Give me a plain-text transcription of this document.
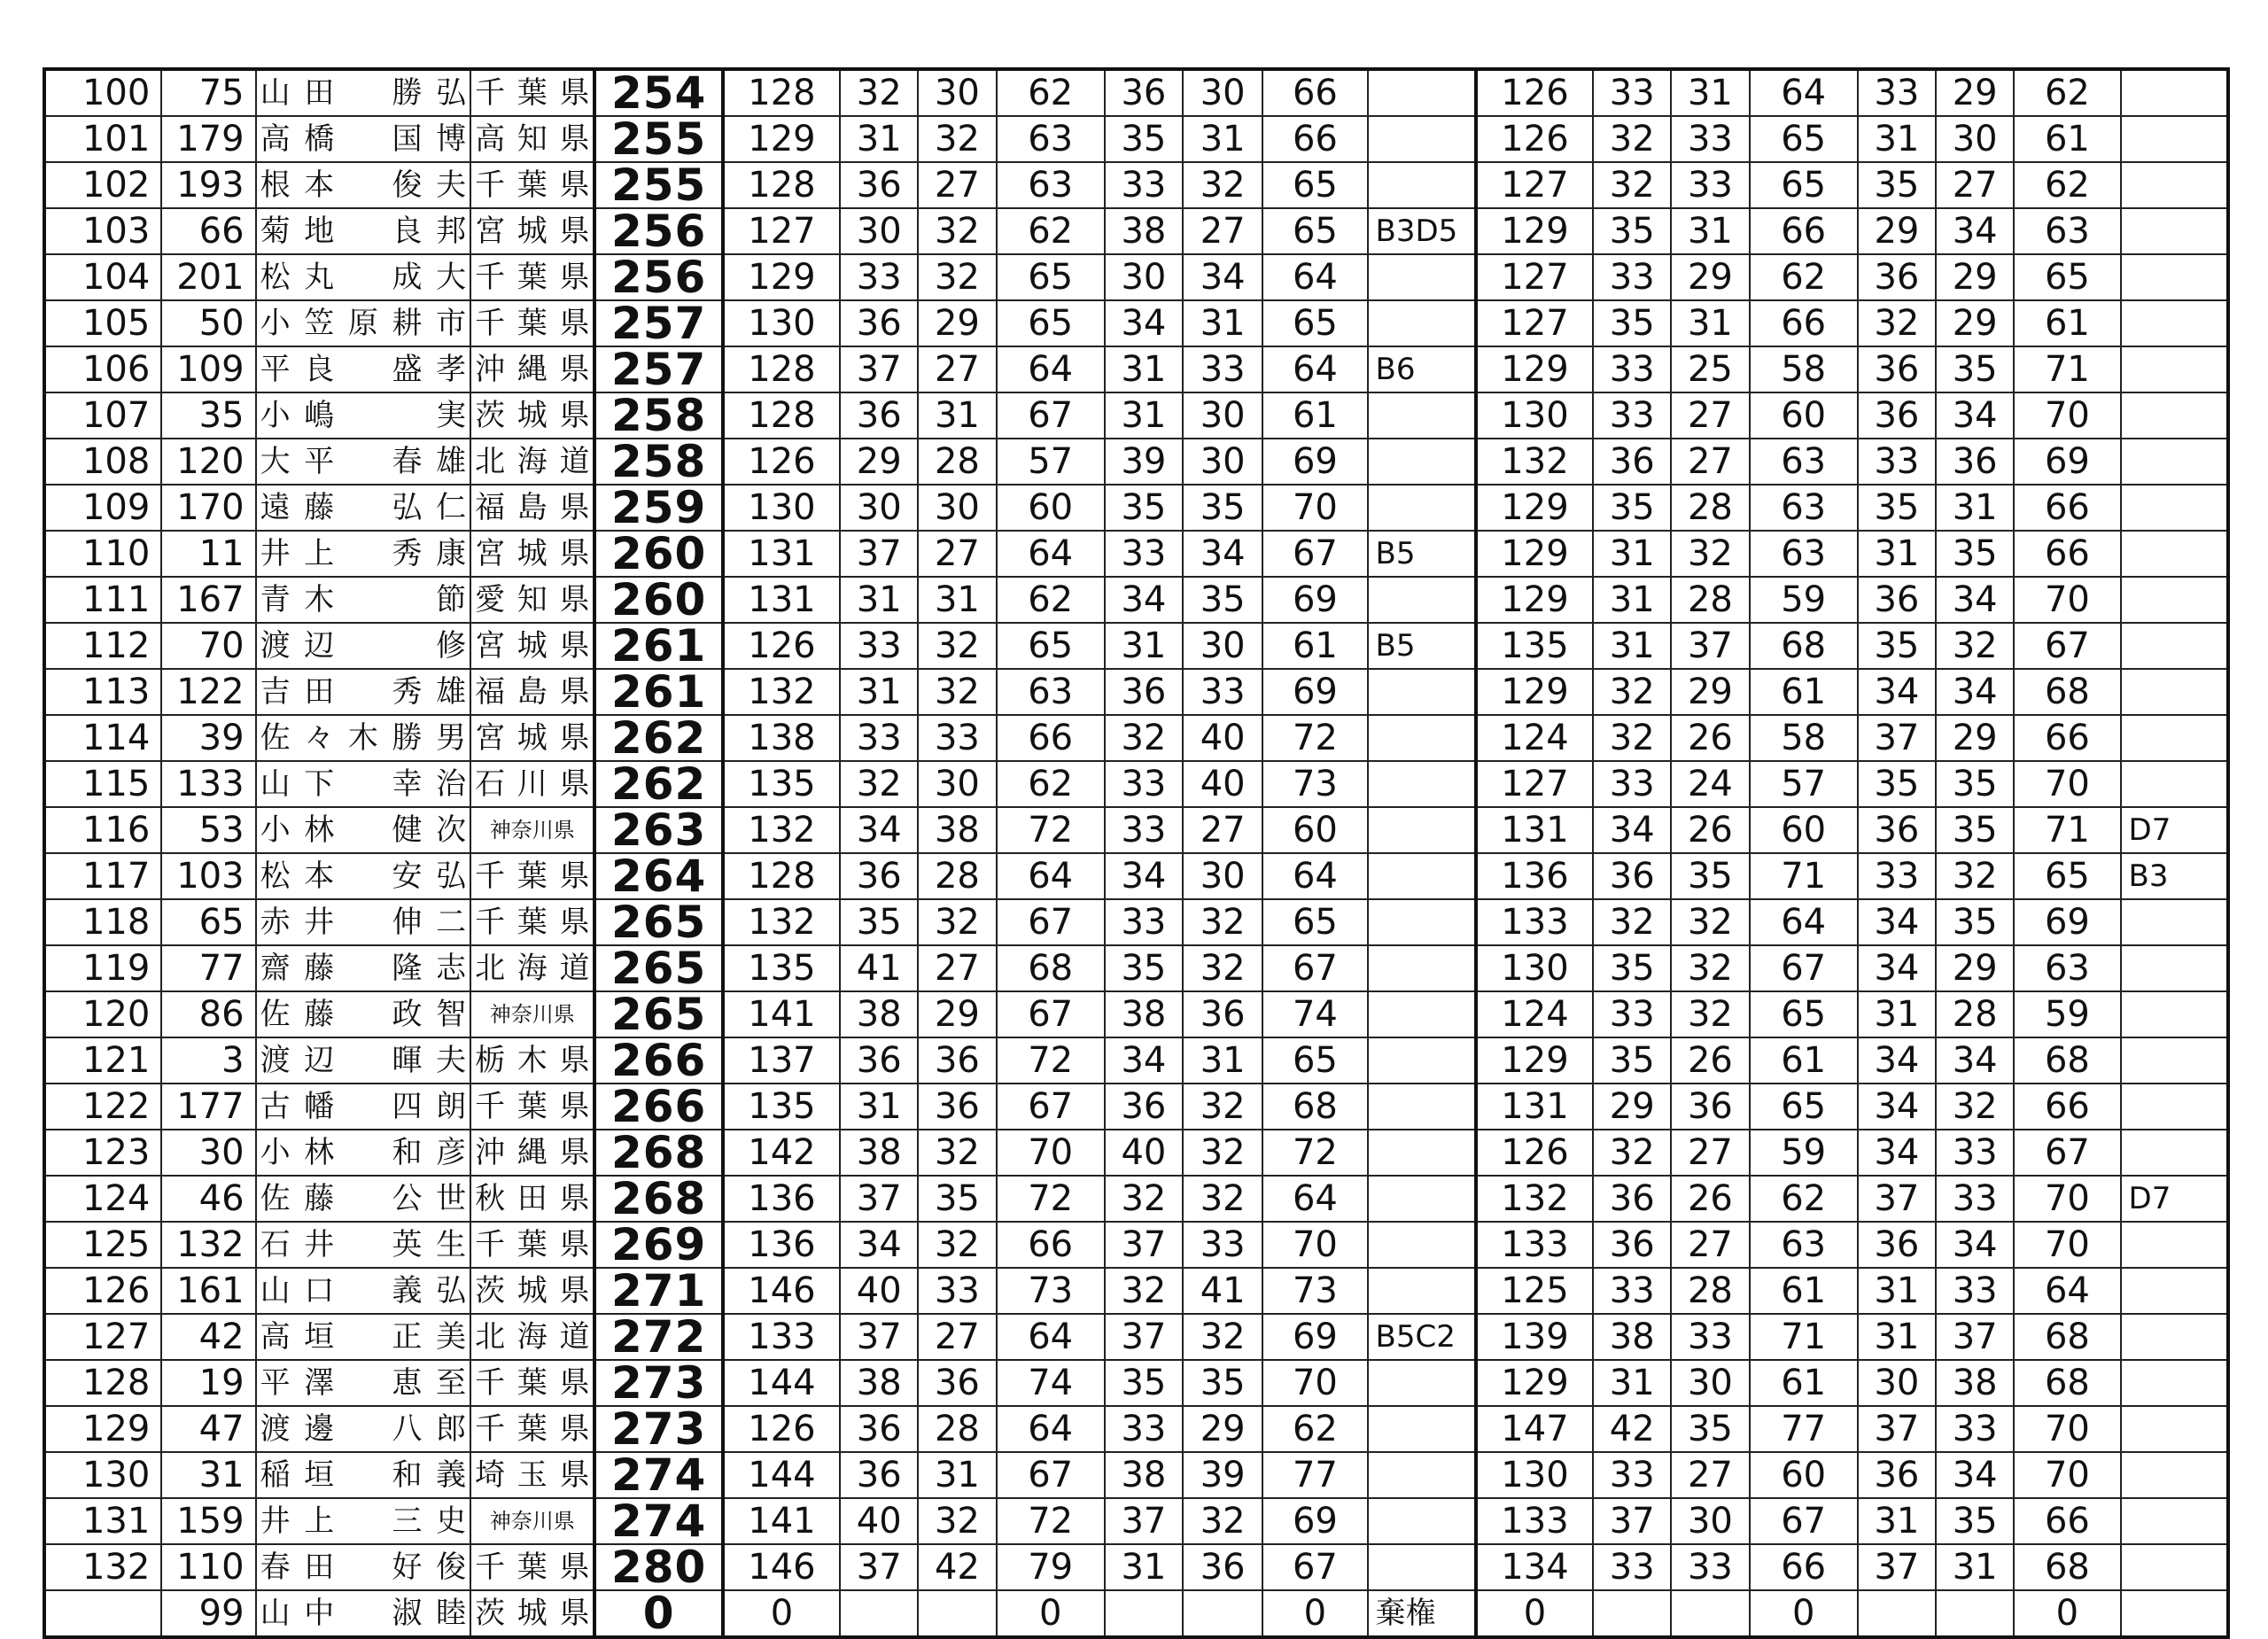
100	75	山田　勝弘	千葉県	254	128	32	30	62	36	30	66		126	33	31	64	33	29	62	
101	179	高橋　国博	高知県	255	129	31	32	63	35	31	66		126	32	33	65	31	30	61	
102	193	根本　俊夫	千葉県	255	128	36	27	63	33	32	65		127	32	33	65	35	27	62	
103	66	菊地　良邦	宮城県	256	127	30	32	62	38	27	65	B3D5	129	35	31	66	29	34	63	
104	201	松丸　成大	千葉県	256	129	33	32	65	30	34	64		127	33	29	62	36	29	65	
105	50	小笠原耕市	千葉県	257	130	36	29	65	34	31	65		127	35	31	66	32	29	61	
106	109	平良　盛孝	沖縄県	257	128	37	27	64	31	33	64	B6	129	33	25	58	36	35	71	
107	35	小嶋　　実	茨城県	258	128	36	31	67	31	30	61		130	33	27	60	36	34	70	
108	120	大平　春雄	北海道	258	126	29	28	57	39	30	69		132	36	27	63	33	36	69	
109	170	遠藤　弘仁	福島県	259	130	30	30	60	35	35	70		129	35	28	63	35	31	66	
110	11	井上　秀康	宮城県	260	131	37	27	64	33	34	67	B5	129	31	32	63	31	35	66	
111	167	青木　　節	愛知県	260	131	31	31	62	34	35	69		129	31	28	59	36	34	70	
112	70	渡辺　　修	宮城県	261	126	33	32	65	31	30	61	B5	135	31	37	68	35	32	67	
113	122	吉田　秀雄	福島県	261	132	31	32	63	36	33	69		129	32	29	61	34	34	68	
114	39	佐々木勝男	宮城県	262	138	33	33	66	32	40	72		124	32	26	58	37	29	66	
115	133	山下　幸治	石川県	262	135	32	30	62	33	40	73		127	33	24	57	35	35	70	
116	53	小林　健次	神奈川県	263	132	34	38	72	33	27	60		131	34	26	60	36	35	71	D7
117	103	松本　安弘	千葉県	264	128	36	28	64	34	30	64		136	36	35	71	33	32	65	B3
118	65	赤井　伸二	千葉県	265	132	35	32	67	33	32	65		133	32	32	64	34	35	69	
119	77	齋藤　隆志	北海道	265	135	41	27	68	35	32	67		130	35	32	67	34	29	63	
120	86	佐藤　政智	神奈川県	265	141	38	29	67	38	36	74		124	33	32	65	31	28	59	
121	3	渡辺　暉夫	栃木県	266	137	36	36	72	34	31	65		129	35	26	61	34	34	68	
122	177	古幡　四朗	千葉県	266	135	31	36	67	36	32	68		131	29	36	65	34	32	66	
123	30	小林　和彦	沖縄県	268	142	38	32	70	40	32	72		126	32	27	59	34	33	67	
124	46	佐藤　公世	秋田県	268	136	37	35	72	32	32	64		132	36	26	62	37	33	70	D7
125	132	石井　英生	千葉県	269	136	34	32	66	37	33	70		133	36	27	63	36	34	70	
126	161	山口　義弘	茨城県	271	146	40	33	73	32	41	73		125	33	28	61	31	33	64	
127	42	高垣　正美	北海道	272	133	37	27	64	37	32	69	B5C2	139	38	33	71	31	37	68	
128	19	平澤　恵至	千葉県	273	144	38	36	74	35	35	70		129	31	30	61	30	38	68	
129	47	渡邊　八郎	千葉県	273	126	36	28	64	33	29	62		147	42	35	77	37	33	70	
130	31	稲垣　和義	埼玉県	274	144	36	31	67	38	39	77		130	33	27	60	36	34	70	
131	159	井上　三史	神奈川県	274	141	40	32	72	37	32	69		133	37	30	67	31	35	66	
132	110	春田　好俊	千葉県	280	146	37	42	79	31	36	67		134	33	33	66	37	31	68	
	99	山中　淑睦	茨城県	0	0			0			0	棄権	0			0			0	
